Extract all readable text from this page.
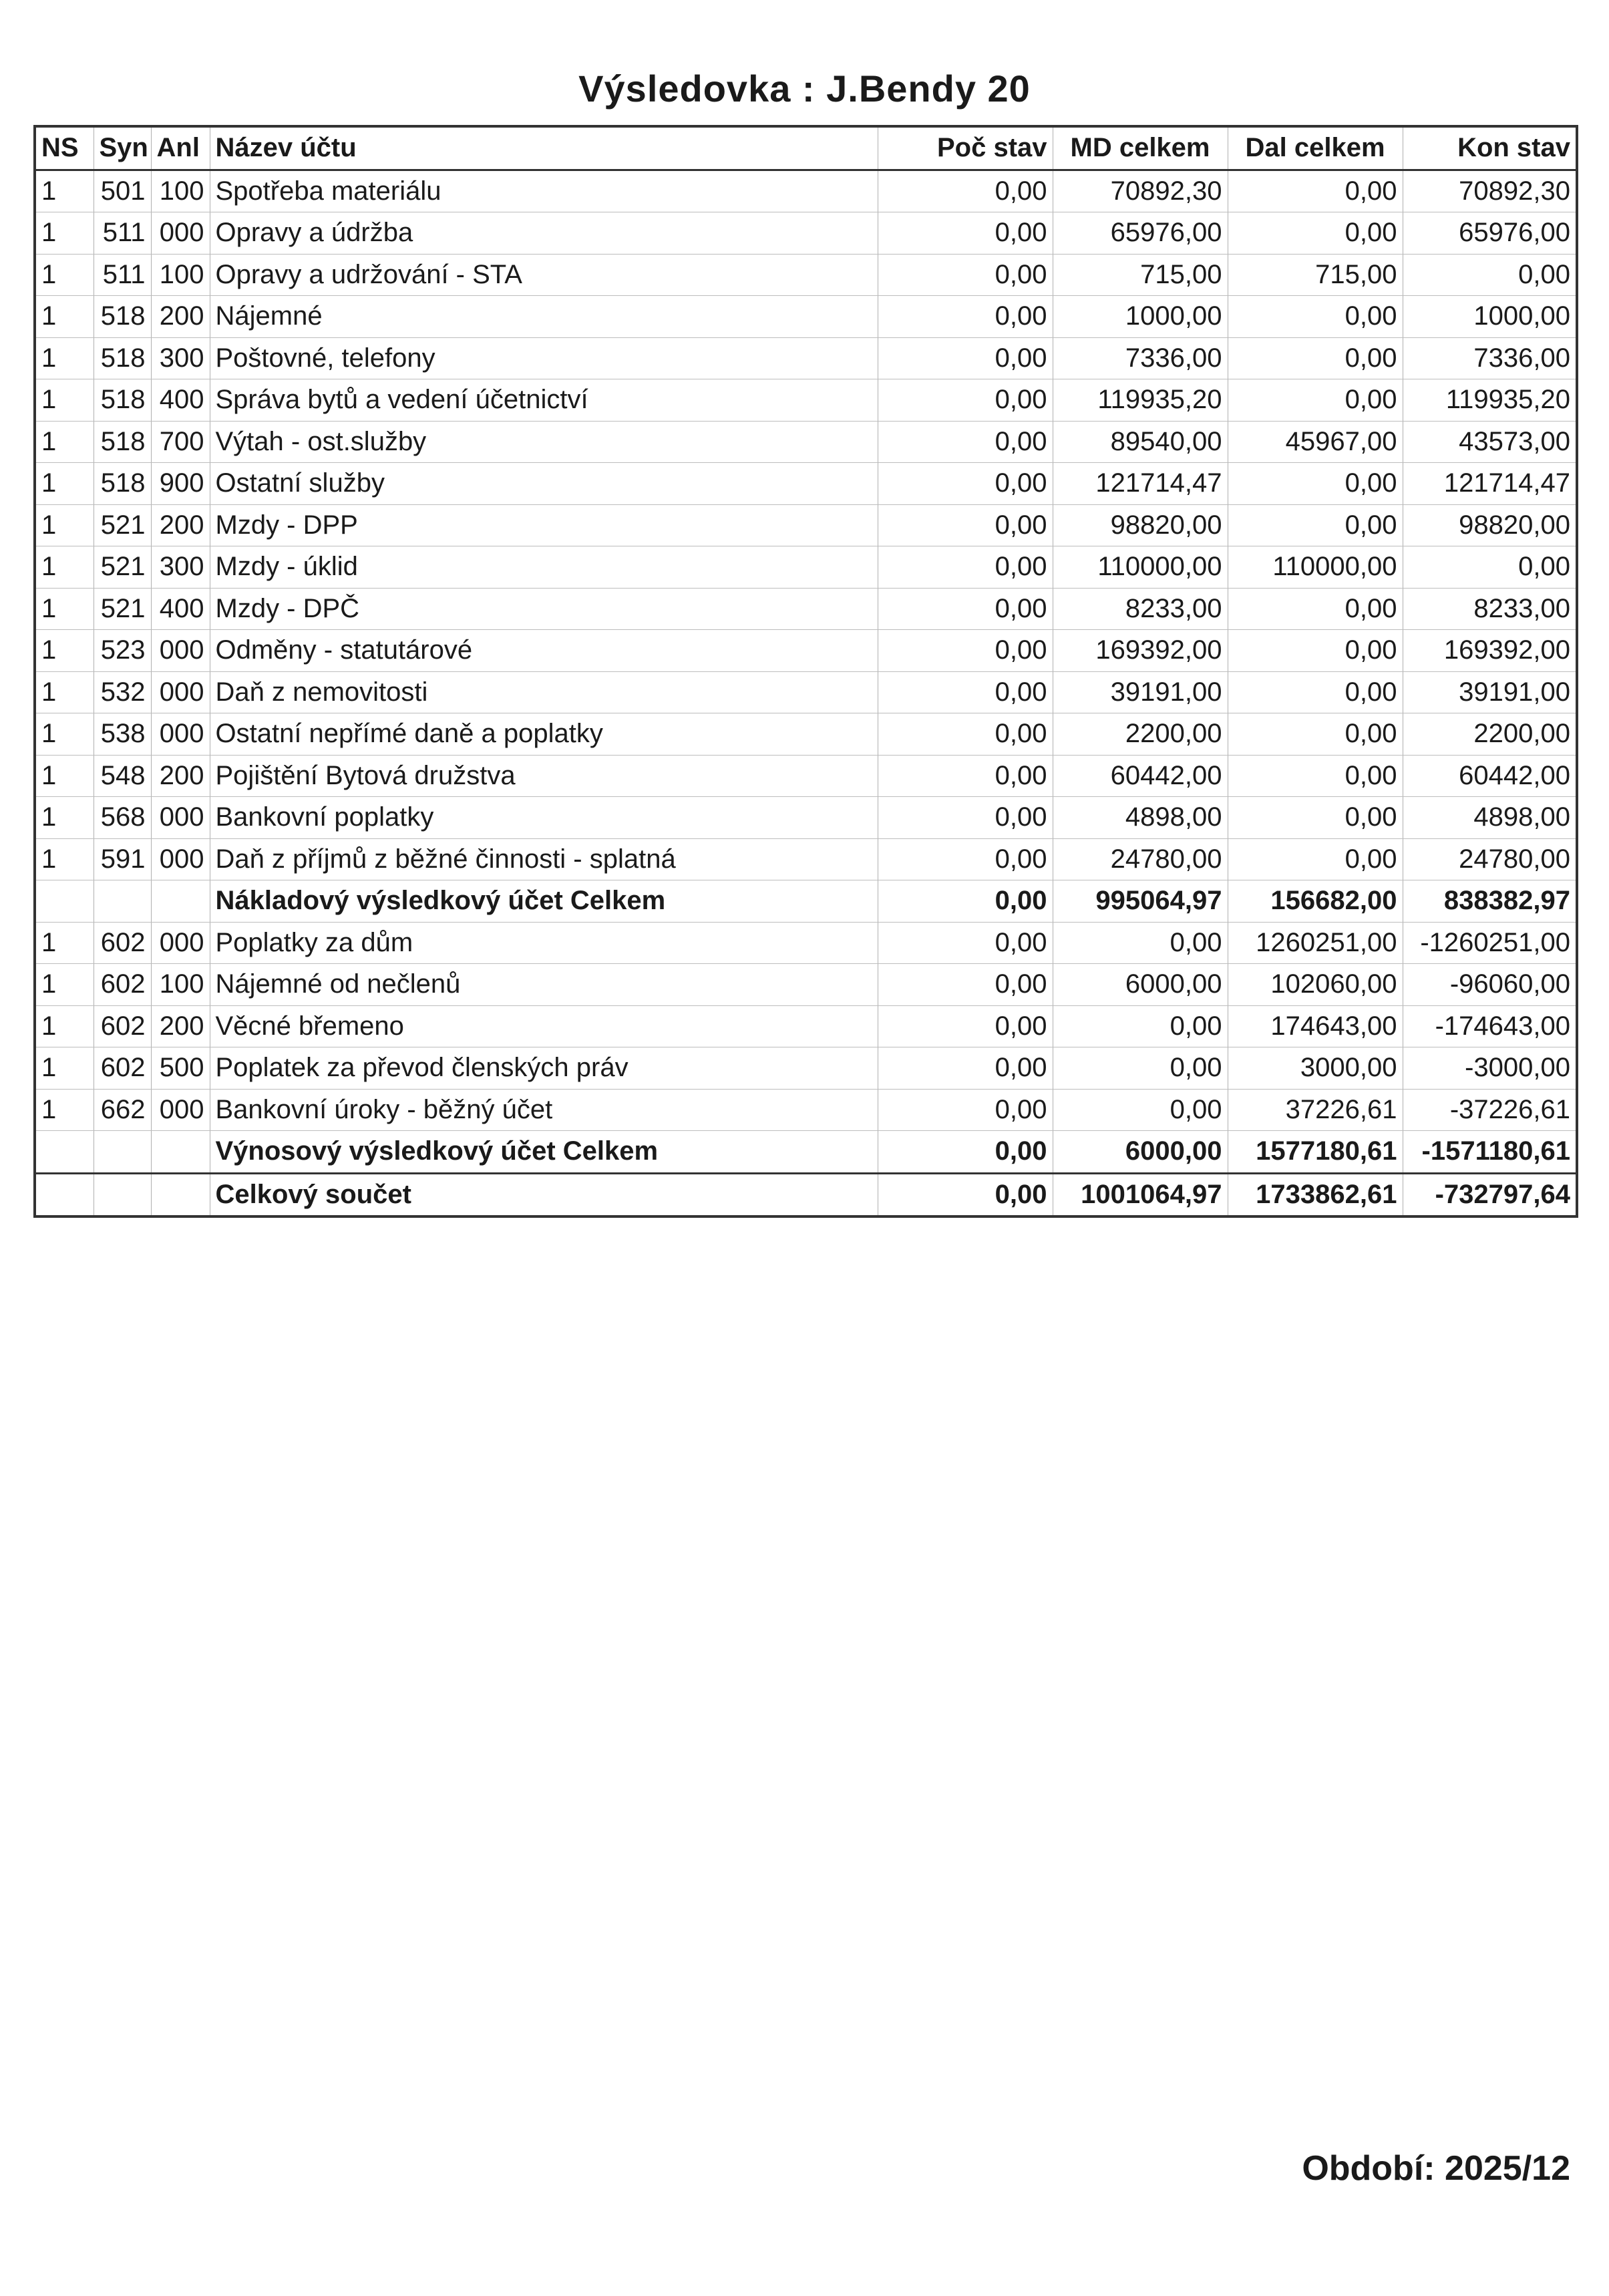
Výsledovka : J.Bendy 20
NS	Syn	Anl	Název účtu	Poč stav	MD celkem	Dal celkem	Kon stav
1	501	100	Spotřeba materiálu	0,00	70892,30	0,00	70892,30
1	511	000	Opravy a údržba	0,00	65976,00	0,00	65976,00
1	511	100	Opravy a udržování - STA	0,00	715,00	715,00	0,00
1	518	200	Nájemné	0,00	1000,00	0,00	1000,00
1	518	300	Poštovné, telefony	0,00	7336,00	0,00	7336,00
1	518	400	Správa bytů a vedení účetnictví	0,00	119935,20	0,00	119935,20
1	518	700	Výtah - ost.služby	0,00	89540,00	45967,00	43573,00
1	518	900	Ostatní služby	0,00	121714,47	0,00	121714,47
1	521	200	Mzdy - DPP	0,00	98820,00	0,00	98820,00
1	521	300	Mzdy - úklid	0,00	110000,00	110000,00	0,00
1	521	400	Mzdy - DPČ	0,00	8233,00	0,00	8233,00
1	523	000	Odměny - statutárové	0,00	169392,00	0,00	169392,00
1	532	000	Daň z nemovitosti	0,00	39191,00	0,00	39191,00
1	538	000	Ostatní nepřímé daně a poplatky	0,00	2200,00	0,00	2200,00
1	548	200	Pojištění Bytová družstva	0,00	60442,00	0,00	60442,00
1	568	000	Bankovní poplatky	0,00	4898,00	0,00	4898,00
1	591	000	Daň z příjmů z běžné činnosti - splatná	0,00	24780,00	0,00	24780,00
			Nákladový výsledkový účet Celkem	0,00	995064,97	156682,00	838382,97
1	602	000	Poplatky za dům	0,00	0,00	1260251,00	-1260251,00
1	602	100	Nájemné od nečlenů	0,00	6000,00	102060,00	-96060,00
1	602	200	Věcné břemeno	0,00	0,00	174643,00	-174643,00
1	602	500	Poplatek za převod členských práv	0,00	0,00	3000,00	-3000,00
1	662	000	Bankovní úroky - běžný účet	0,00	0,00	37226,61	-37226,61
			Výnosový výsledkový účet Celkem	0,00	6000,00	1577180,61	-1571180,61
			Celkový součet	0,00	1001064,97	1733862,61	-732797,64
Období: 2025/12
